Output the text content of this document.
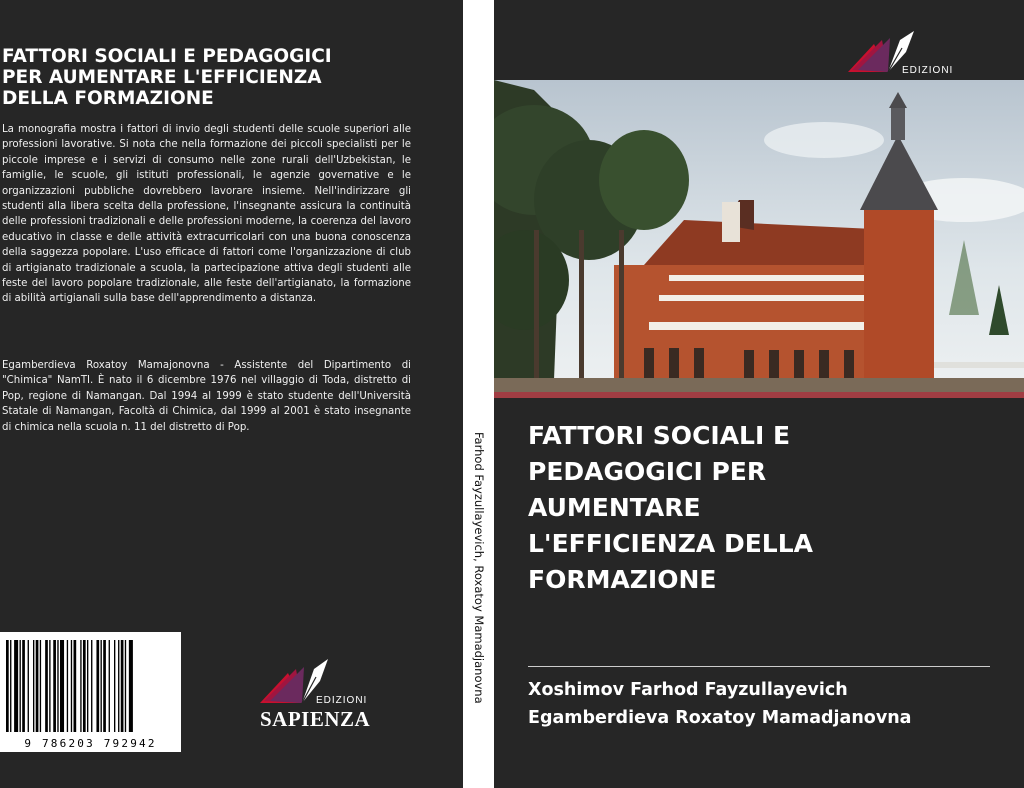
FATTORI SOCIALI E PEDAGOGICI
PER AUMENTARE L'EFFICIENZA
DELLA FORMAZIONE
La monografia mostra i fattori di invio degli studenti delle scuole superiori alle professioni lavorative. Si nota che nella formazione dei piccoli specialisti per le piccole imprese e i servizi di consumo nelle zone rurali dell'Uzbekistan, le famiglie, le scuole, gli istituti professionali, le agenzie governative e le organizzazioni pubbliche dovrebbero lavorare insieme. Nell'indirizzare gli studenti alla libera scelta della professione, l'insegnante assicura la continuità delle professioni tradizionali e delle professioni moderne, la coerenza del lavoro educativo in classe e delle attività extracurricolari con una buona conoscenza della saggezza popolare. L'uso efficace di fattori come l'organizzazione di club di artigianato tradizionale a scuola, la partecipazione attiva degli studenti alle feste del lavoro popolare tradizionale, alle feste dell'artigianato, la formazione di abilità artigianali sulla base dell'apprendimento a distanza.
Egamberdieva Roxatoy Mamajonovna - Assistente del Dipartimento di "Chimica" NamTI. È nato il 6 dicembre 1976 nel villaggio di Toda, distretto di Pop, regione di Namangan. Dal 1994 al 1999 è stato studente dell'Università Statale di Namangan, Facoltà di Chimica, dal 1999 al 2001 è stato insegnante di chimica nella scuola n. 11 del distretto di Pop.
9 786203 792942
EDIZIONI
SAPIENZA
Farhod Fayzullayevich, Roxatoy Mamadjanovna
EDIZIONI
FATTORI SOCIALI E
PEDAGOGICI PER
AUMENTARE
L'EFFICIENZA DELLA
FORMAZIONE
Xoshimov Farhod Fayzullayevich
Egamberdieva Roxatoy Mamadjanovna
